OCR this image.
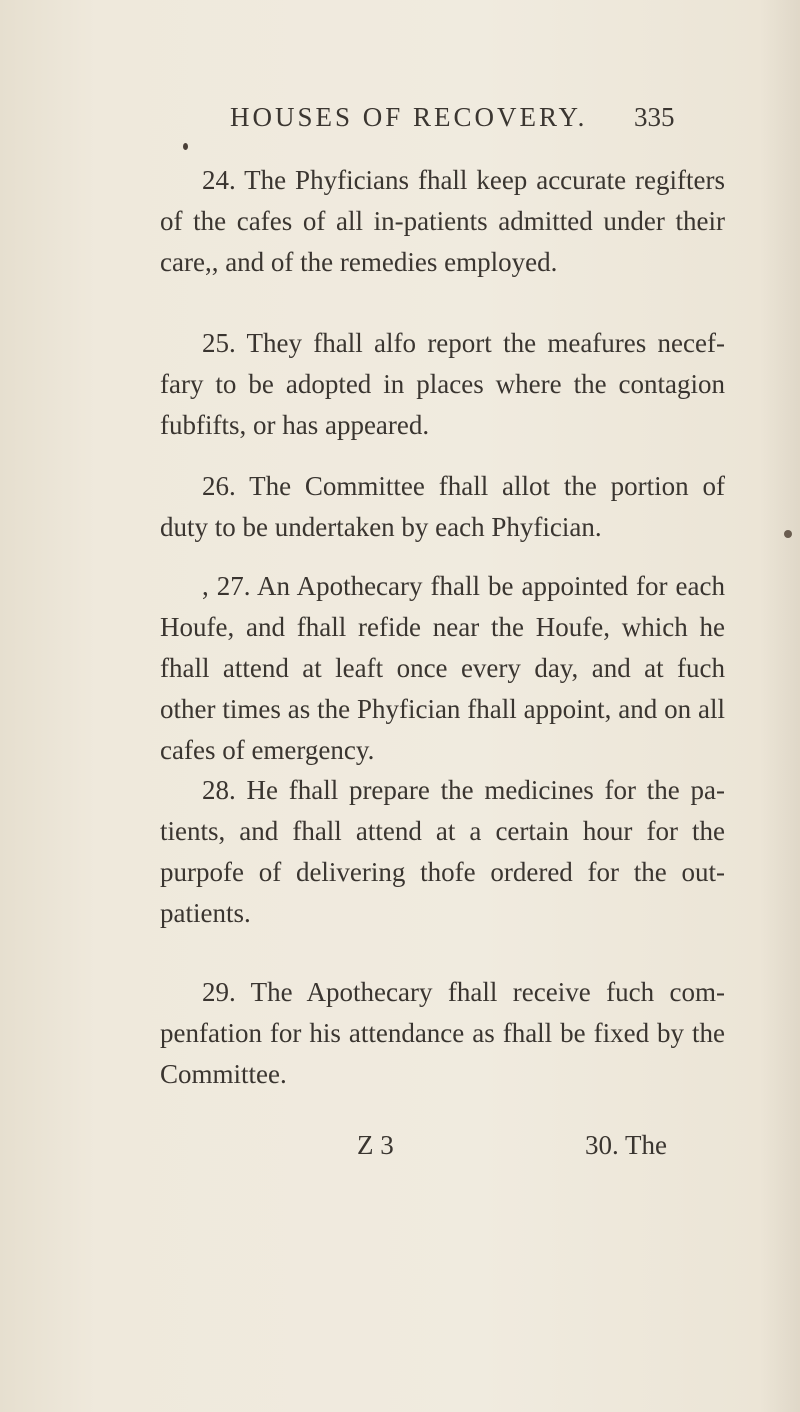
HOUSES OF RECOVERY. 335
24. The Phyficians fhall keep accurate regifters of the cafes of all in-patients admitted under their care,, and of the remedies employed.
25. They fhall alfo report the meafures necef-fary to be adopted in places where the contagion fubfifts, or has appeared.
26. The Committee fhall allot the portion of duty to be undertaken by each Phyfician.
, 27. An Apothecary fhall be appointed for each Houfe, and fhall refide near the Houfe, which he fhall attend at leaft once every day, and at fuch other times as the Phyfician fhall appoint, and on all cafes of emergency.
28. He fhall prepare the medicines for the pa-tients, and fhall attend at a certain hour for the purpofe of delivering thofe ordered for the out-patients.
29. The Apothecary fhall receive fuch com-penfation for his attendance as fhall be fixed by the Committee.
Z 3	30. The
